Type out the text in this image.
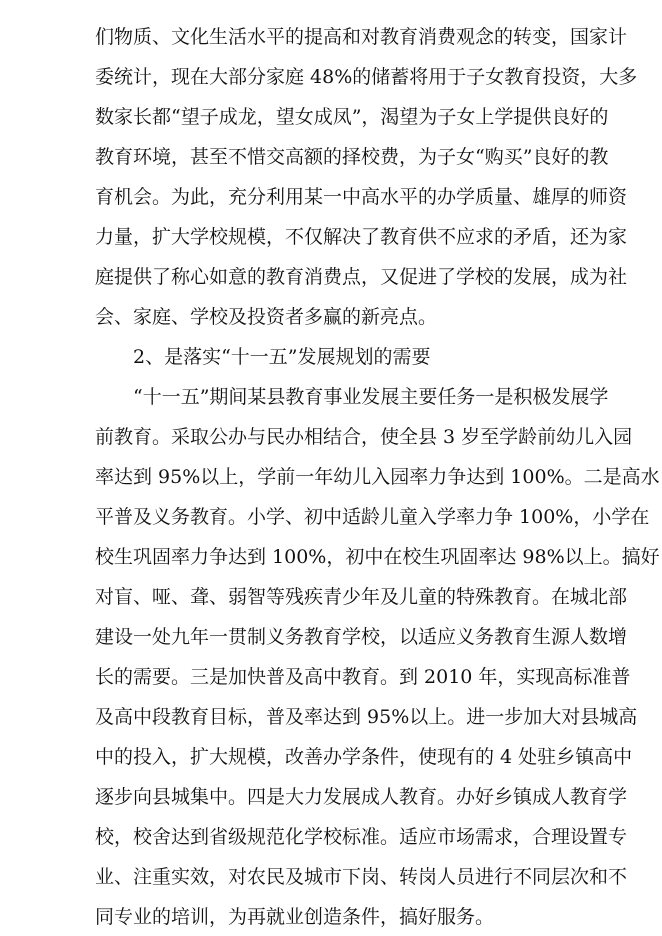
们物质、文化生活水平的提高和对教育消费观念的转变，国家计
委统计，现在大部分家庭 48%的储蓄将用于子女教育投资，大多
数家长都“望子成龙，望女成凤”，渴望为子女上学提供良好的
教育环境，甚至不惜交高额的择校费，为子女“购买”良好的教
育机会。为此，充分利用某一中高水平的办学质量、雄厚的师资
力量，扩大学校规模，不仅解决了教育供不应求的矛盾，还为家
庭提供了称心如意的教育消费点，又促进了学校的发展，成为社
会、家庭、学校及投资者多赢的新亮点。
2、是落实“十一五”发展规划的需要
“十一五”期间某县教育事业发展主要任务一是积极发展学
前教育。采取公办与民办相结合，使全县 3 岁至学龄前幼儿入园
率达到 95%以上，学前一年幼儿入园率力争达到 100%。二是高水
平普及义务教育。小学、初中适龄儿童入学率力争 100%，小学在
校生巩固率力争达到 100%，初中在校生巩固率达 98%以上。搞好
对盲、哑、聋、弱智等残疾青少年及儿童的特殊教育。在城北部
建设一处九年一贯制义务教育学校，以适应义务教育生源人数增
长的需要。三是加快普及高中教育。到 2010 年，实现高标准普
及高中段教育目标，普及率达到 95%以上。进一步加大对县城高
中的投入，扩大规模，改善办学条件，使现有的 4 处驻乡镇高中
逐步向县城集中。四是大力发展成人教育。办好乡镇成人教育学
校，校舍达到省级规范化学校标准。适应市场需求，合理设置专
业、注重实效，对农民及城市下岗、转岗人员进行不同层次和不
同专业的培训，为再就业创造条件，搞好服务。
